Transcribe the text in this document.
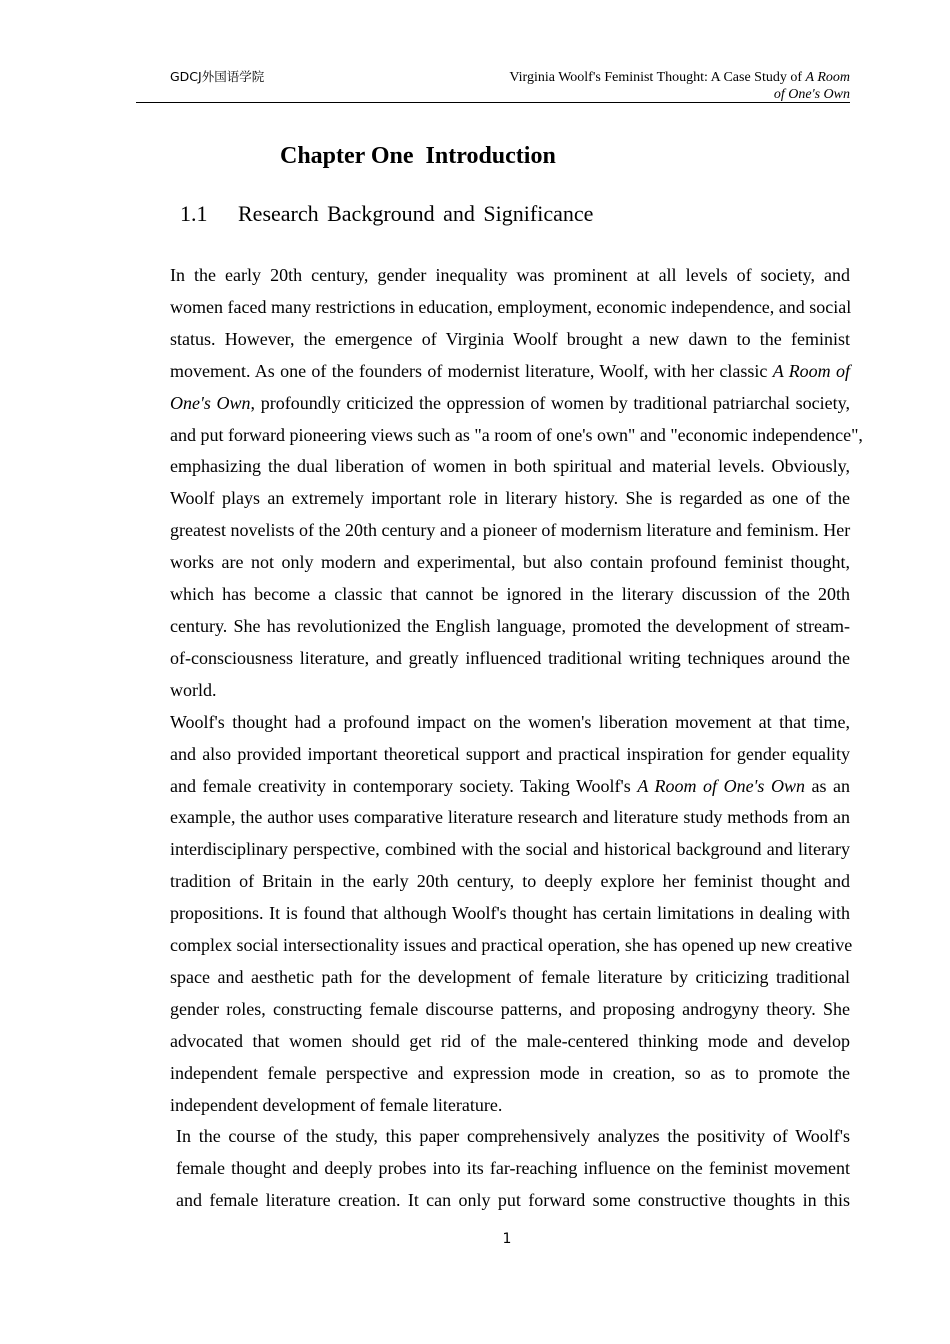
GDCJ外国语学院	Virginia Woolf's Feminist Thought: A Case Study of A Room
of One's Own
Chapter One  Introduction
1.1 Research Background and Significance

In the early 20th century, gender inequality was prominent at all levels of society, and
women faced many restrictions in education, employment, economic independence, and social
status. However, the emergence of Virginia Woolf brought a new dawn to the feminist
movement. As one of the founders of modernist literature, Woolf, with her classic A Room of
One's Own, profoundly criticized the oppression of women by traditional patriarchal society,
and put forward pioneering views such as "a room of one's own" and "economic independence",
emphasizing the dual liberation of women in both spiritual and material levels. Obviously,
Woolf plays an extremely important role in literary history. She is regarded as one of the
greatest novelists of the 20th century and a pioneer of modernism literature and feminism. Her
works are not only modern and experimental, but also contain profound feminist thought,
which has become a classic that cannot be ignored in the literary discussion of the 20th
century. She has revolutionized the English language, promoted the development of stream-
of-consciousness literature, and greatly influenced traditional writing techniques around the
world.

Woolf's thought had a profound impact on the women's liberation movement at that time,
and also provided important theoretical support and practical inspiration for gender equality
and female creativity in contemporary society. Taking Woolf's A Room of One's Own as an
example, the author uses comparative literature research and literature study methods from an
interdisciplinary perspective, combined with the social and historical background and literary
tradition of Britain in the early 20th century, to deeply explore her feminist thought and
propositions. It is found that although Woolf's thought has certain limitations in dealing with
complex social intersectionality issues and practical operation, she has opened up new creative
space and aesthetic path for the development of female literature by criticizing traditional
gender roles, constructing female discourse patterns, and proposing androgyny theory. She
advocated that women should get rid of the male-centered thinking mode and develop
independent female perspective and expression mode in creation, so as to promote the
independent development of female literature.

In the course of the study, this paper comprehensively analyzes the positivity of Woolf's
female thought and deeply probes into its far-reaching influence on the feminist movement
and female literature creation. It can only put forward some constructive thoughts in this

1
